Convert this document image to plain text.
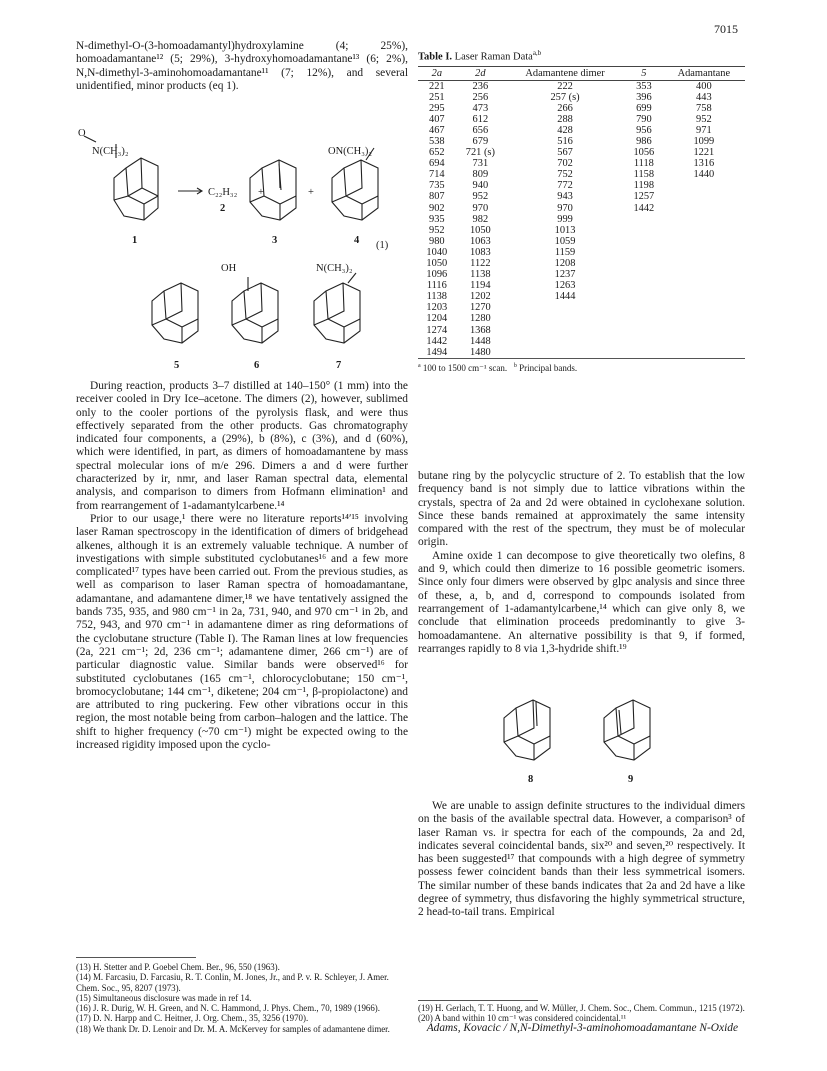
7015

N-dimethyl-O-(3-homoadamantyl)hydroxylamine (4; 25%), homoadamantane¹² (5; 29%), 3-hydroxyhomoadamantane¹³ (6; 2%), N,N-dimethyl-3-aminohomoadamantane¹¹ (7; 12%), and several unidentified, minor products (eq 1).

O
N(CH₃)₂
C₂₂H₃₂ +	+
ON(CH₃)₂
OH	N(CH₃)₂
(1)
1
2
3	4
5	6	7

During reaction, products 3–7 distilled at 140–150° (1 mm) into the receiver cooled in Dry Ice–acetone. The dimers (2), however, sublimed only to the cooler portions of the pyrolysis flask, and were thus effectively separated from the other products. Gas chromatography indicated four components, a (29%), b (8%), c (3%), and d (60%), which were identified, in part, as dimers of homoadamantene by mass spectral molecular ions of m/e 296. Dimers a and d were further characterized by ir, nmr, and laser Raman spectral data, elemental analysis, and comparison to dimers from Hofmann elimination¹ and from rearrangement of 1-adamantylcarbene.¹⁴

Prior to our usage,¹ there were no literature reports¹⁴ʹ¹⁵ involving laser Raman spectroscopy in the identification of dimers of bridgehead alkenes, although it is an extremely valuable technique. A number of investigations with simple substituted cyclobutanes¹⁶ and a few more complicated¹⁷ types have been carried out. From the previous studies, as well as comparison to laser Raman spectra of homoadamantane, adamantane, and adamantene dimer,¹⁸ we have tentatively assigned the bands 735, 935, and 980 cm⁻¹ in 2a, 731, 940, and 970 cm⁻¹ in 2b, and 752, 943, and 970 cm⁻¹ in adamantene dimer as ring deformations of the cyclobutane structure (Table I). The Raman lines at low frequencies (2a, 221 cm⁻¹; 2d, 236 cm⁻¹; adamantene dimer, 266 cm⁻¹) are of particular diagnostic value. Similar bands were observed¹⁶ for substituted cyclobutanes (165 cm⁻¹, chlorocyclobutane; 150 cm⁻¹, bromocyclobutane; 144 cm⁻¹, diketene; 204 cm⁻¹, β-propiolactone) and are attributed to ring puckering. Few other vibrations occur in this region, the most notable being from carbon–halogen and the lattice. The shift to higher frequency (~70 cm⁻¹) might be expected owing to the increased rigidity imposed upon the cyclo-

(13) H. Stetter and P. Goebel Chem. Ber., 96, 550 (1963).

(14) M. Farcasiu, D. Farcasiu, R. T. Conlin, M. Jones, Jr., and P. v. R. Schleyer, J. Amer. Chem. Soc., 95, 8207 (1973).

(15) Simultaneous disclosure was made in ref 14.

(16) J. R. Durig, W. H. Green, and N. C. Hammond, J. Phys. Chem., 70, 1989 (1966).

(17) D. N. Harpp and C. Heitner, J. Org. Chem., 35, 3256 (1970).

(18) We thank Dr. D. Lenoir and Dr. M. A. McKervey for samples of adamantene dimer.

Table I. Laser Raman Data$^{a,b}$

2a	2d	Adamantene dimer	5	Adamantane
221	236	222	353	400
251	256	257 (s)	396	443
295	473	266	699	758
407	612	288	790	952
467	656	428	956	971
538	679	516	986	1099
652	721 (s)	567	1056	1221
694	731	702	1118	1316
714	809	752	1158	1440
735	940	772	1198	
807	952	943	1257	
902	970	970	1442	
935	982	999		
952	1050	1013		
980	1063	1059		
1040	1083	1159		
1050	1122	1208		
1096	1138	1237		
1116	1194	1263		
1138	1202	1444		
1203	1270			
1204	1280			
1274	1368			
1442	1448			
1494	1480			
$^a$ 100 to 1500 cm⁻¹ scan. $^b$ Principal bands.

butane ring by the polycyclic structure of 2. To establish that the low frequency band is not simply due to lattice vibrations within the crystals, spectra of 2a and 2d were obtained in cyclohexane solution. Since these bands remained at approximately the same intensity compared with the rest of the spectrum, they must be of molecular origin.

Amine oxide 1 can decompose to give theoretically two olefins, 8 and 9, which could then dimerize to 16 possible geometric isomers. Since only four dimers were observed by glpc analysis and since three of these, a, b, and d, correspond to compounds isolated from rearrangement of 1-adamantylcarbene,¹⁴ which can give only 8, we conclude that elimination proceeds predominantly to give 3-homoadamantene. An alternative possibility is that 9, if formed, rearranges rapidly to 8 via 1,3-hydride shift.¹⁹

8	9

We are unable to assign definite structures to the individual dimers on the basis of the available spectral data. However, a comparison³ of laser Raman vs. ir spectra for each of the compounds, 2a and 2d, indicates several coincidental bands, six²⁰ and seven,²⁰ respectively. It has been suggested¹⁷ that compounds with a high degree of symmetry possess fewer coincident bands than their less symmetrical isomers. The similar number of these bands indicates that 2a and 2d have a like degree of symmetry, thus disfavoring the highly symmetrical structure, 2 head-to-tail trans. Empirical

(19) H. Gerlach, T. T. Huong, and W. Müller, J. Chem. Soc., Chem. Commun., 1215 (1972).

(20) A band within 10 cm⁻¹ was considered coincidental.¹¹

Adams, Kovacic / N,N-Dimethyl-3-aminohomoadamantane N-Oxide
